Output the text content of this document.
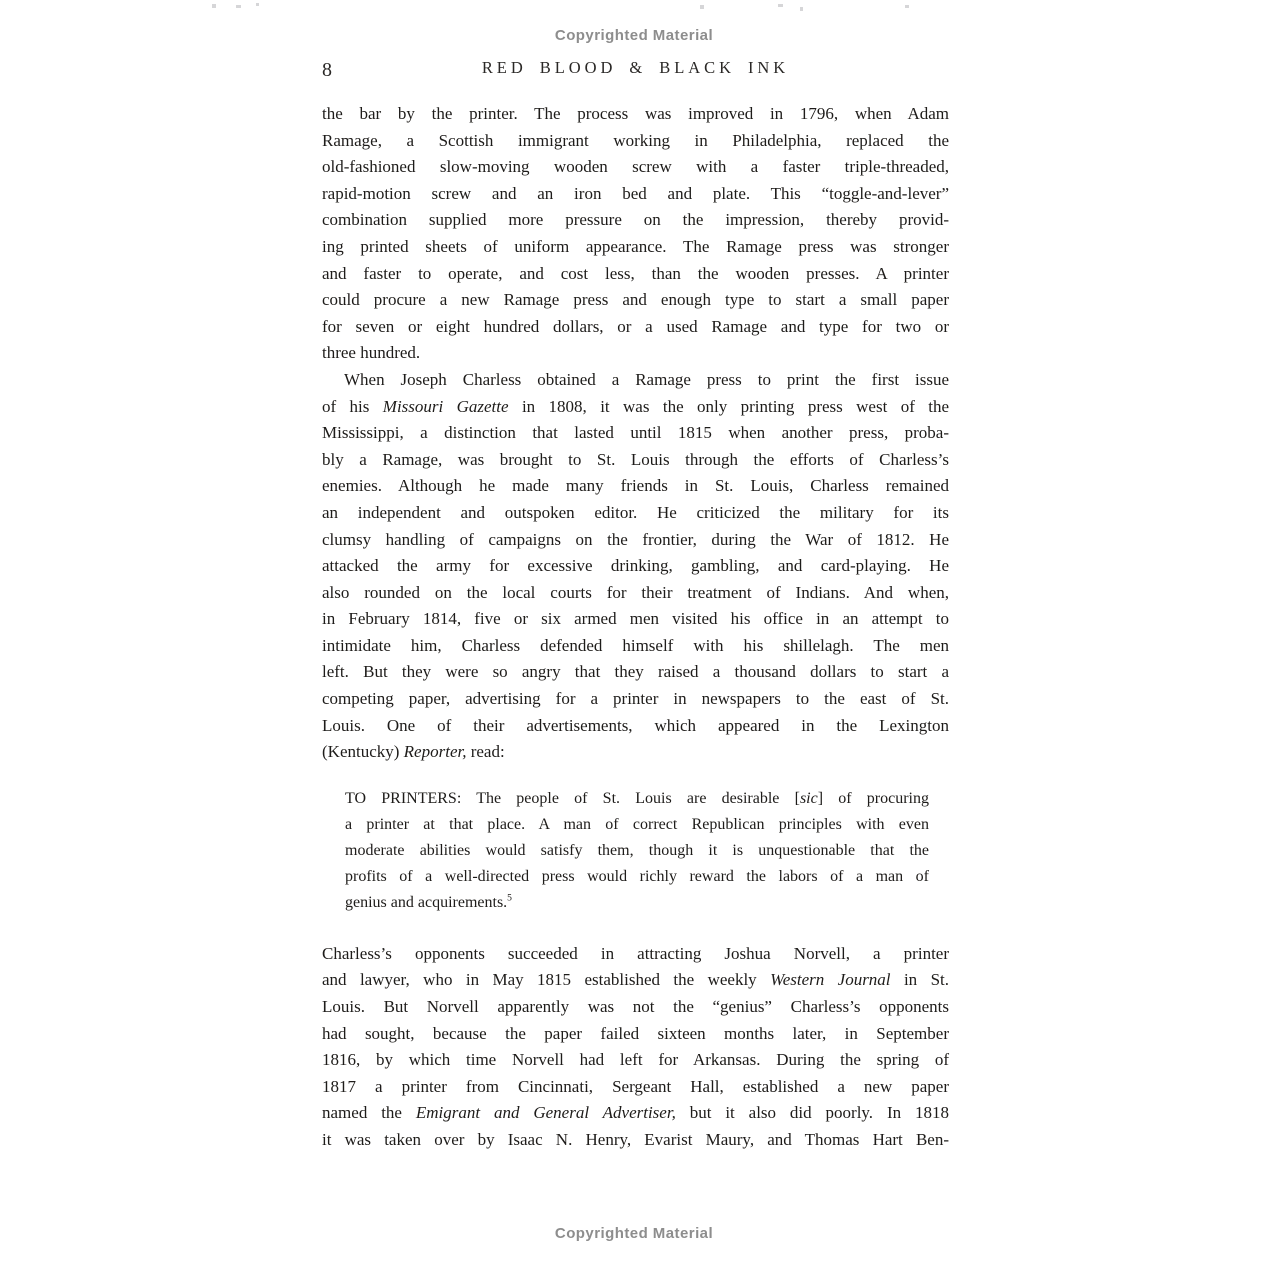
Copyrighted Material
8	RED BLOOD & BLACK INK
the bar by the printer. The process was improved in 1796, when Adam
Ramage, a Scottish immigrant working in Philadelphia, replaced the
old-fashioned slow-moving wooden screw with a faster triple-threaded,
rapid-motion screw and an iron bed and plate. This “toggle-and-lever”
combination supplied more pressure on the impression, thereby provid-
ing printed sheets of uniform appearance. The Ramage press was stronger
and faster to operate, and cost less, than the wooden presses. A printer
could procure a new Ramage press and enough type to start a small paper
for seven or eight hundred dollars, or a used Ramage and type for two or
three hundred.
When Joseph Charless obtained a Ramage press to print the first issue
of his Missouri Gazette in 1808, it was the only printing press west of the
Mississippi, a distinction that lasted until 1815 when another press, proba-
bly a Ramage, was brought to St. Louis through the efforts of Charless’s
enemies. Although he made many friends in St. Louis, Charless remained
an independent and outspoken editor. He criticized the military for its
clumsy handling of campaigns on the frontier, during the War of 1812. He
attacked the army for excessive drinking, gambling, and card-playing. He
also rounded on the local courts for their treatment of Indians. And when,
in February 1814, five or six armed men visited his office in an attempt to
intimidate him, Charless defended himself with his shillelagh. The men
left. But they were so angry that they raised a thousand dollars to start a
competing paper, advertising for a printer in newspapers to the east of St.
Louis. One of their advertisements, which appeared in the Lexington
(Kentucky) Reporter, read:
TO PRINTERS: The people of St. Louis are desirable [sic] of procuring
a printer at that place. A man of correct Republican principles with even
moderate abilities would satisfy them, though it is unquestionable that the
profits of a well-directed press would richly reward the labors of a man of
genius and acquirements.$^5$
Charless’s opponents succeeded in attracting Joshua Norvell, a printer
and lawyer, who in May 1815 established the weekly Western Journal in St.
Louis. But Norvell apparently was not the “genius” Charless’s opponents
had sought, because the paper failed sixteen months later, in September
1816, by which time Norvell had left for Arkansas. During the spring of
1817 a printer from Cincinnati, Sergeant Hall, established a new paper
named the Emigrant and General Advertiser, but it also did poorly. In 1818
it was taken over by Isaac N. Henry, Evarist Maury, and Thomas Hart Ben-
Copyrighted Material
